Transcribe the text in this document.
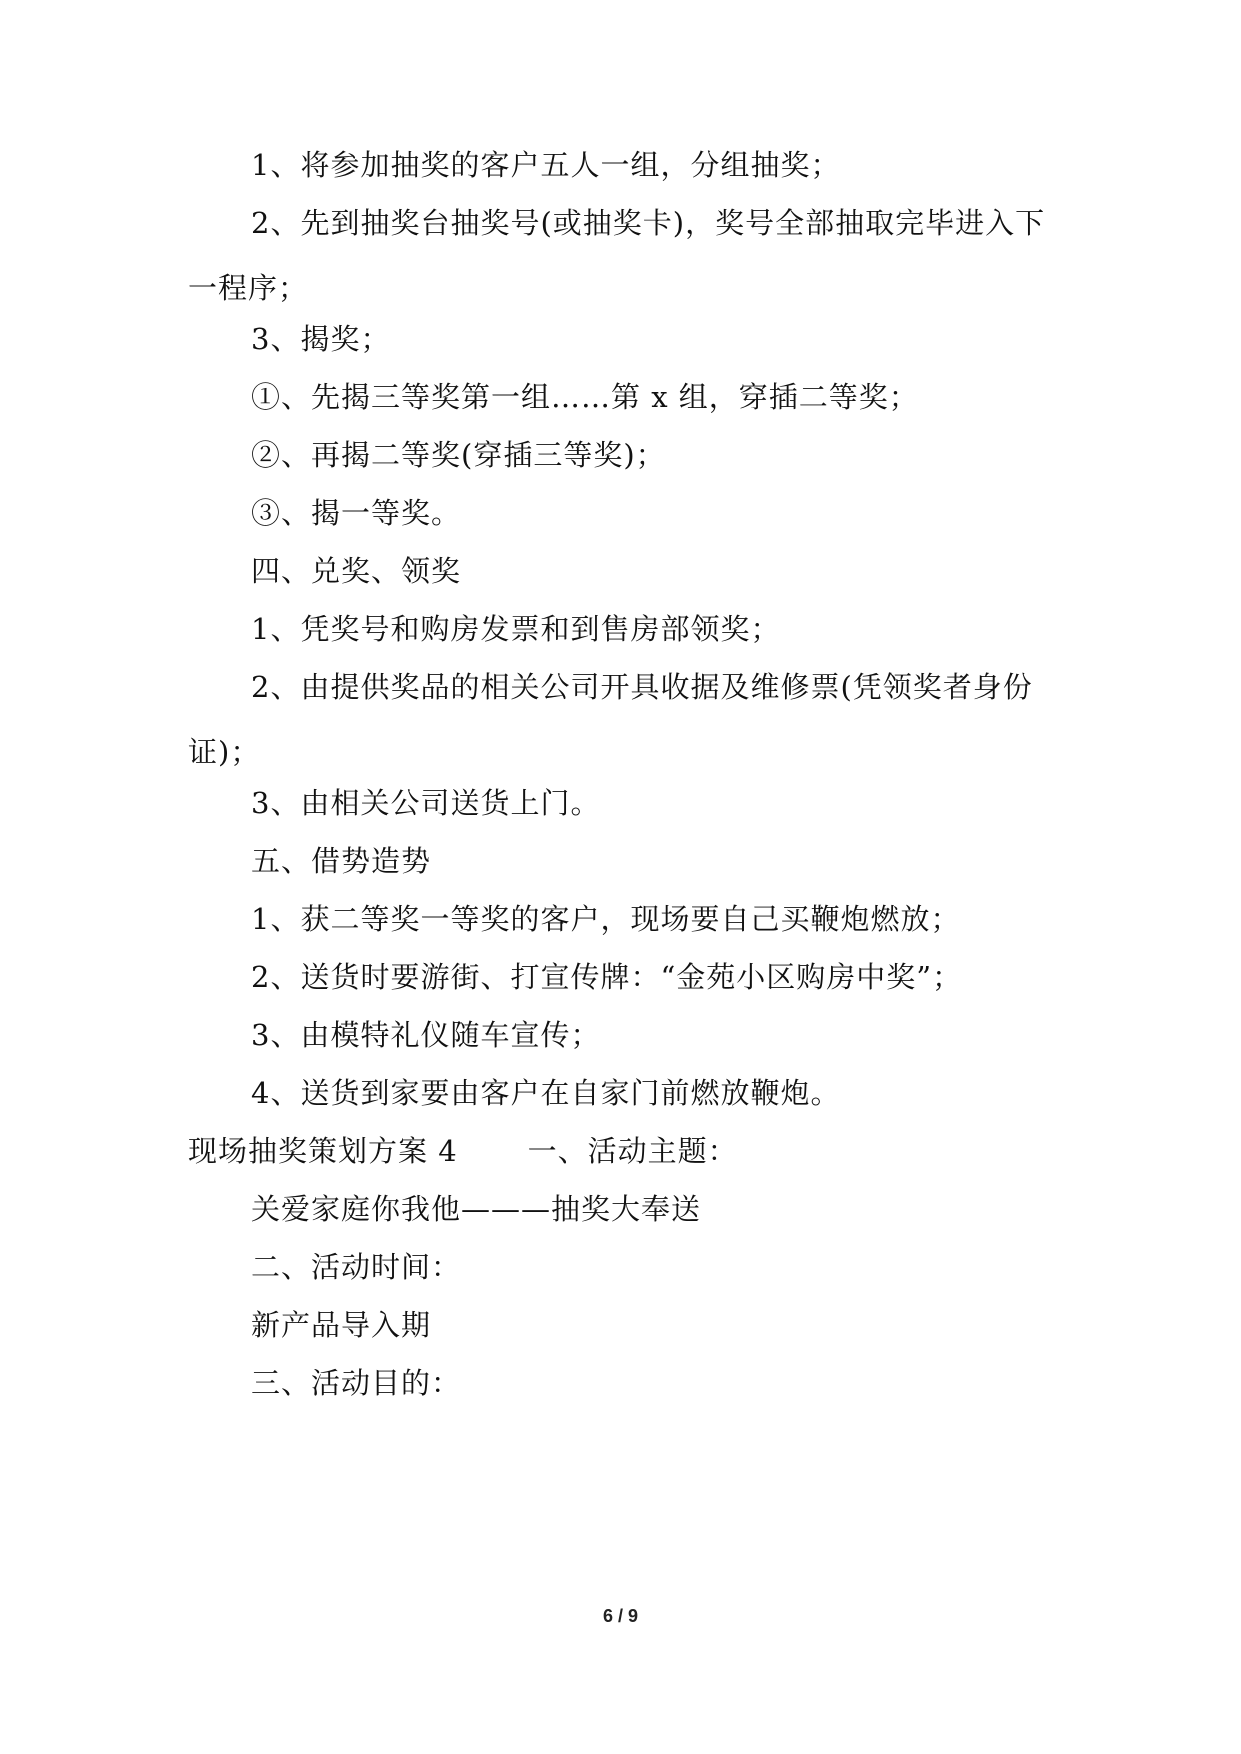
1、将参加抽奖的客户五人一组，分组抽奖；

2、先到抽奖台抽奖号(或抽奖卡)，奖号全部抽取完毕进入下一程序；

3、揭奖；

①、先揭三等奖第一组……第 x 组，穿插二等奖；

②、再揭二等奖(穿插三等奖)；

③、揭一等奖。

四、兑奖、领奖

1、凭奖号和购房发票和到售房部领奖；

2、由提供奖品的相关公司开具收据及维修票(凭领奖者身份证)；

3、由相关公司送货上门。

五、借势造势

1、获二等奖一等奖的客户，现场要自己买鞭炮燃放；

2、送货时要游街、打宣传牌：“金苑小区购房中奖”；

3、由模特礼仪随车宣传；

4、送货到家要由客户在自家门前燃放鞭炮。

现场抽奖策划方案 4 一、活动主题：

关爱家庭你我他———抽奖大奉送

二、活动时间：

新产品导入期

三、活动目的：

6 / 9
